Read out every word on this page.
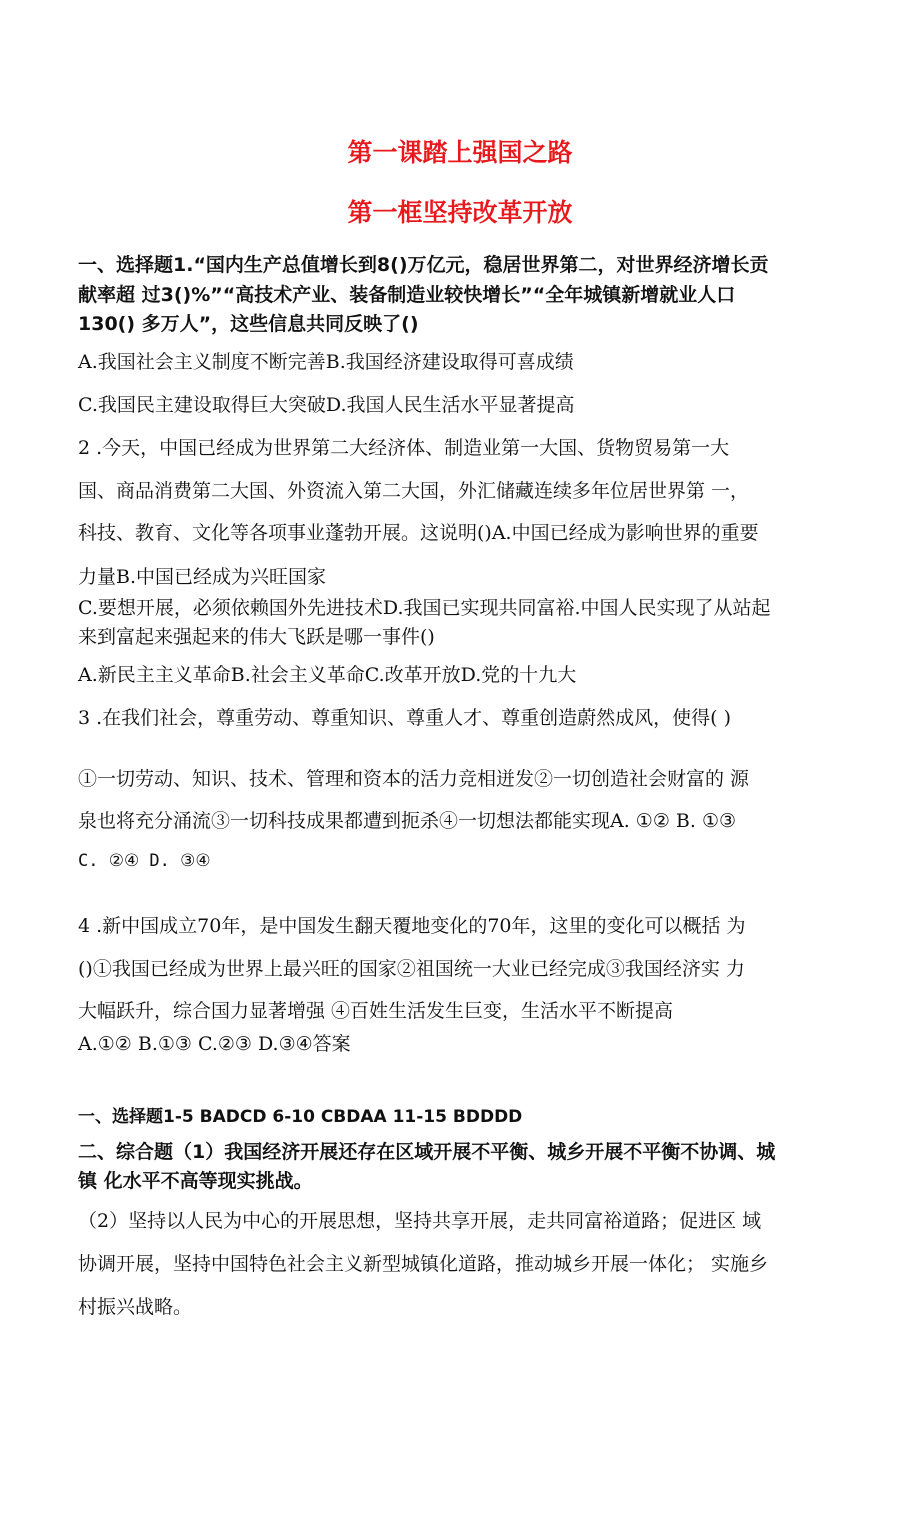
第一课踏上强国之路
第一框坚持改革开放
一、选择题1.“国内生产总值增长到8()万亿元，稳居世界第二，对世界经济增长贡
献率超 过3()%”“高技术产业、装备制造业较快增长”“全年城镇新增就业人口
130() 多万人”，这些信息共同反映了()
A.我国社会主义制度不断完善B.我国经济建设取得可喜成绩
C.我国民主建设取得巨大突破D.我国人民生活水平显著提高
2 .今天，中国已经成为世界第二大经济体、制造业第一大国、货物贸易第一大
国、商品消费第二大国、外资流入第二大国，外汇储藏连续多年位居世界第 一，
科技、教育、文化等各项事业蓬勃开展。这说明()A.中国已经成为影响世界的重要
力量B.中国已经成为兴旺国家
C.要想开展，必须依赖国外先进技术D.我国已实现共同富裕.中国人民实现了从站起
来到富起来强起来的伟大飞跃是哪一事件()
A.新民主主义革命B.社会主义革命C.改革开放D.党的十九大
3 .在我们社会，尊重劳动、尊重知识、尊重人才、尊重创造蔚然成风，使得( )
①一切劳动、知识、技术、管理和资本的活力竞相迸发②一切创造社会财富的 源
泉也将充分涌流③一切科技成果都遭到扼杀④一切想法都能实现A. ①② B. ①③
C. ②④ D. ③④
4 .新中国成立70年，是中国发生翻天覆地变化的70年，这里的变化可以概括 为
()①我国已经成为世界上最兴旺的国家②祖国统一大业已经完成③我国经济实 力
大幅跃升，综合国力显著增强 ④百姓生活发生巨变，生活水平不断提高
A.①② B.①③ C.②③ D.③④答案
一、选择题1-5 BADCD 6-10 CBDAA 11-15 BDDDD
二、综合题（1）我国经济开展还存在区域开展不平衡、城乡开展不平衡不协调、城
镇 化水平不高等现实挑战。
（2）坚持以人民为中心的开展思想，坚持共享开展，走共同富裕道路；促进区 域
协调开展，坚持中国特色社会主义新型城镇化道路，推动城乡开展一体化； 实施乡
村振兴战略。
